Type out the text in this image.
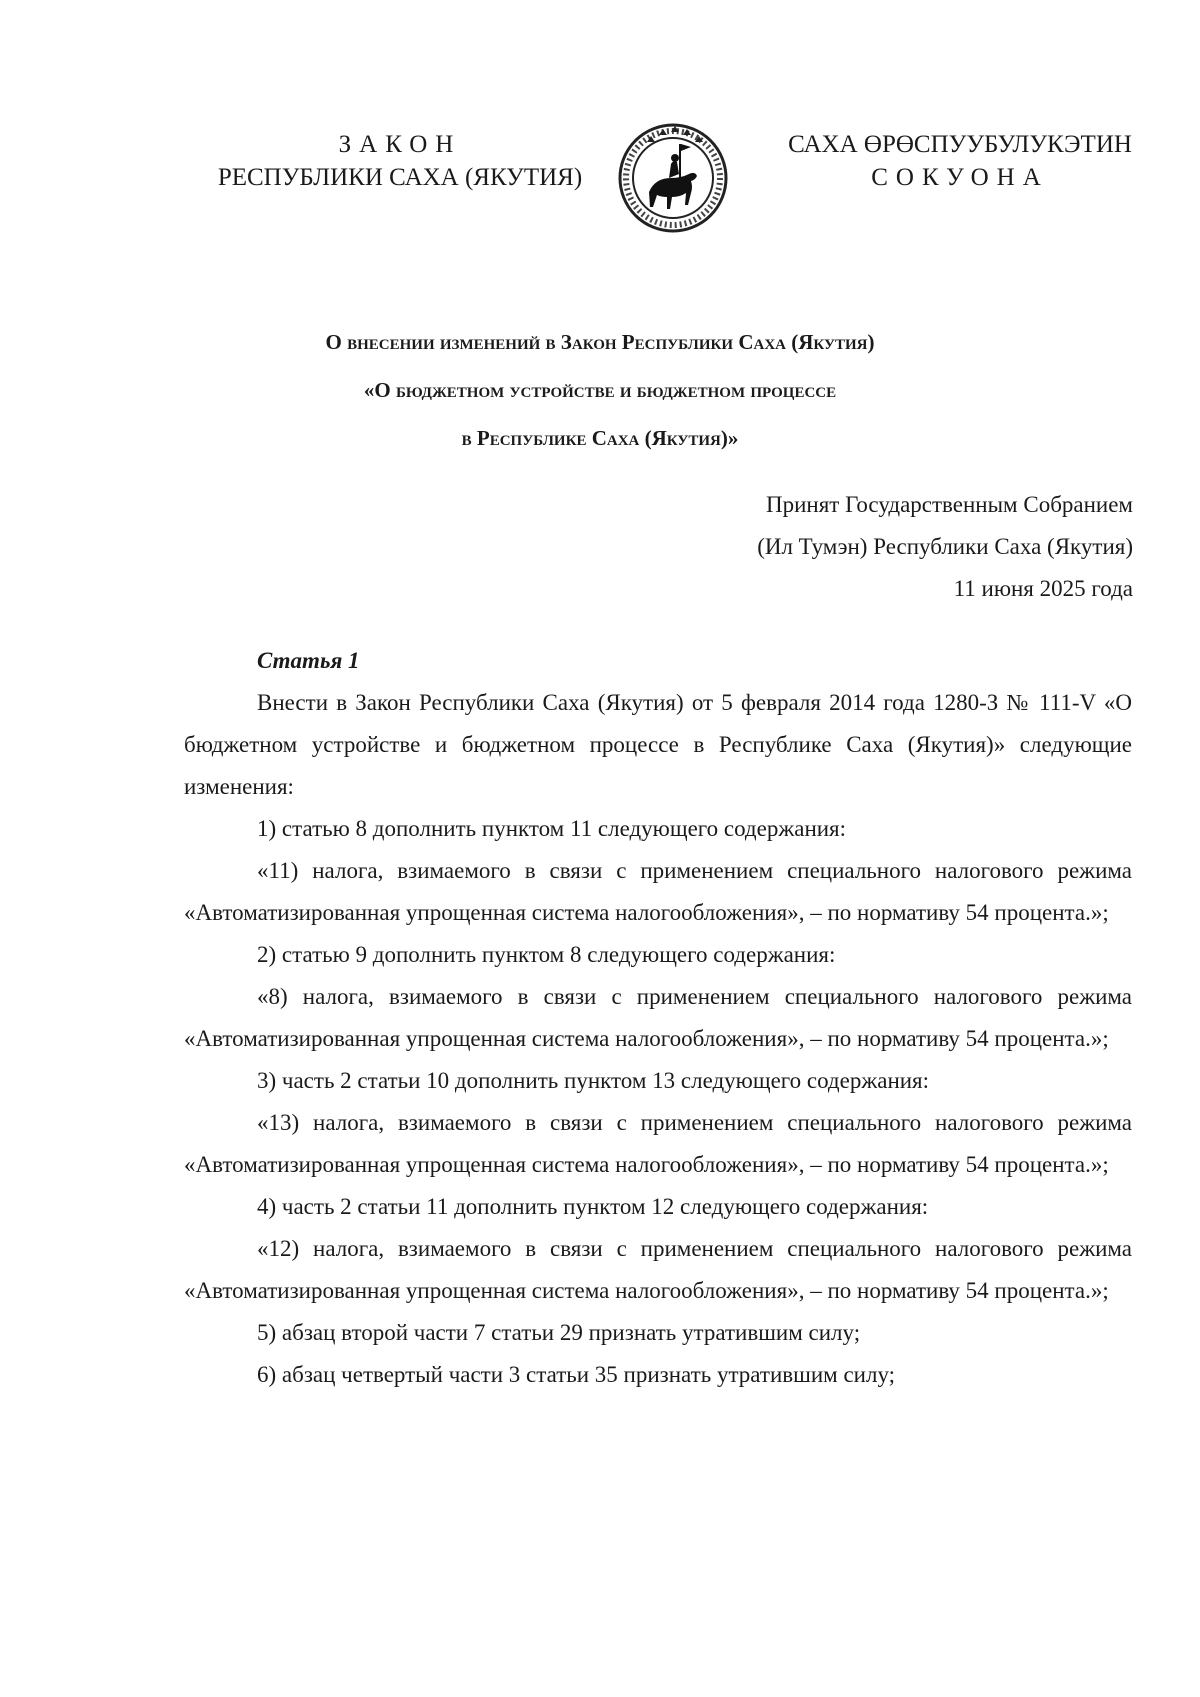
ЗАКОН
РЕСПУБЛИКИ САХА (ЯКУТИЯ)
САХА ӨРӨСПУУБУЛУКЭТИН
СОКУОНА
О внесении изменений в Закон Республики Саха (Якутия)
«О бюджетном устройстве и бюджетном процессе
в Республике Саха (Якутия)»
Принят Государственным Собранием
(Ил Тумэн) Республики Саха (Якутия)
11 июня 2025 года
Статья 1

Внести в Закон Республики Саха (Якутия) от 5 февраля 2014 года 1280-З № 111-V «О бюджетном устройстве и бюджетном процессе в Республике Саха (Якутия)» следующие изменения:

1) статью 8 дополнить пунктом 11 следующего содержания:

«11) налога, взимаемого в связи с применением специального налогового режима «Автоматизированная упрощенная система налогообложения», – по нормативу 54 процента.»;

2) статью 9 дополнить пунктом 8 следующего содержания:

«8) налога, взимаемого в связи с применением специального налогового режима «Автоматизированная упрощенная система налогообложения», – по нормативу 54 процента.»;

3) часть 2 статьи 10 дополнить пунктом 13 следующего содержания:

«13) налога, взимаемого в связи с применением специального налогового режима «Автоматизированная упрощенная система налогообложения», – по нормативу 54 процента.»;

4) часть 2 статьи 11 дополнить пунктом 12 следующего содержания:

«12) налога, взимаемого в связи с применением специального налогового режима «Автоматизированная упрощенная система налогообложения», – по нормативу 54 процента.»;

5) абзац второй части 7 статьи 29 признать утратившим силу;

6) абзац четвертый части 3 статьи 35 признать утратившим силу;
